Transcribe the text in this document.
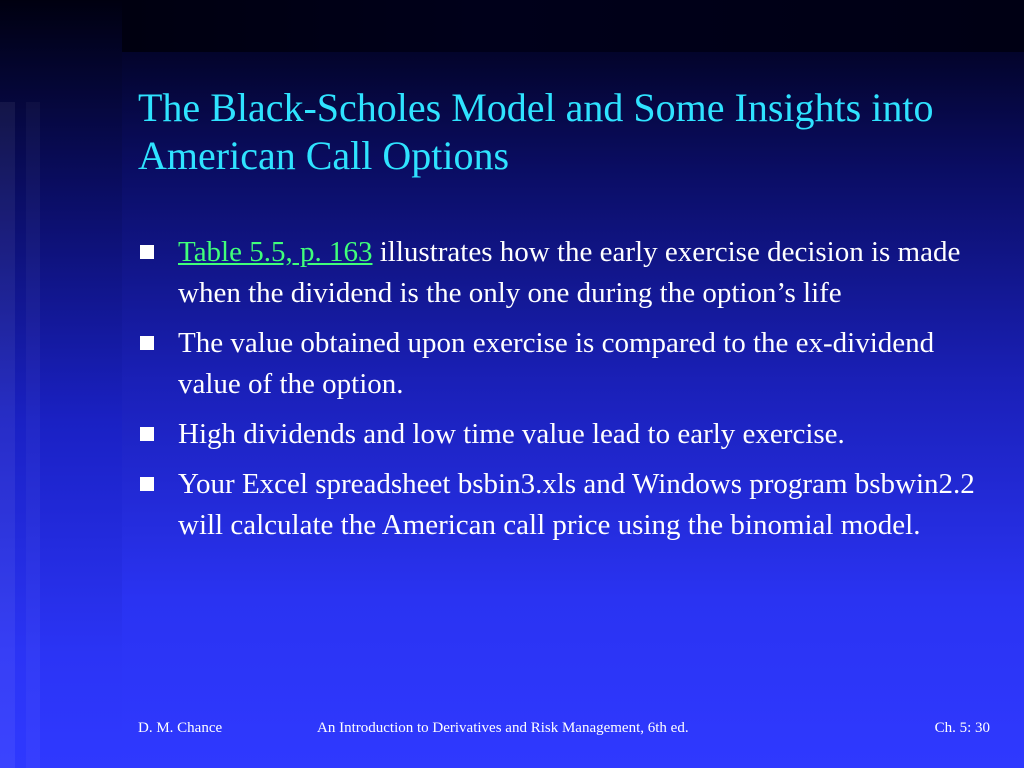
The Black-Scholes Model and Some Insights into American Call Options
Table 5.5, p. 163 illustrates how the early exercise decision is made when the dividend is the only one during the option’s life
The value obtained upon exercise is compared to the ex-dividend value of the option.
High dividends and low time value lead to early exercise.
Your Excel spreadsheet bsbin3.xls and Windows program bsbwin2.2 will calculate the American call price using the binomial model.
D. M. Chance	An Introduction to Derivatives and Risk Management, 6th ed.	Ch. 5: 30
